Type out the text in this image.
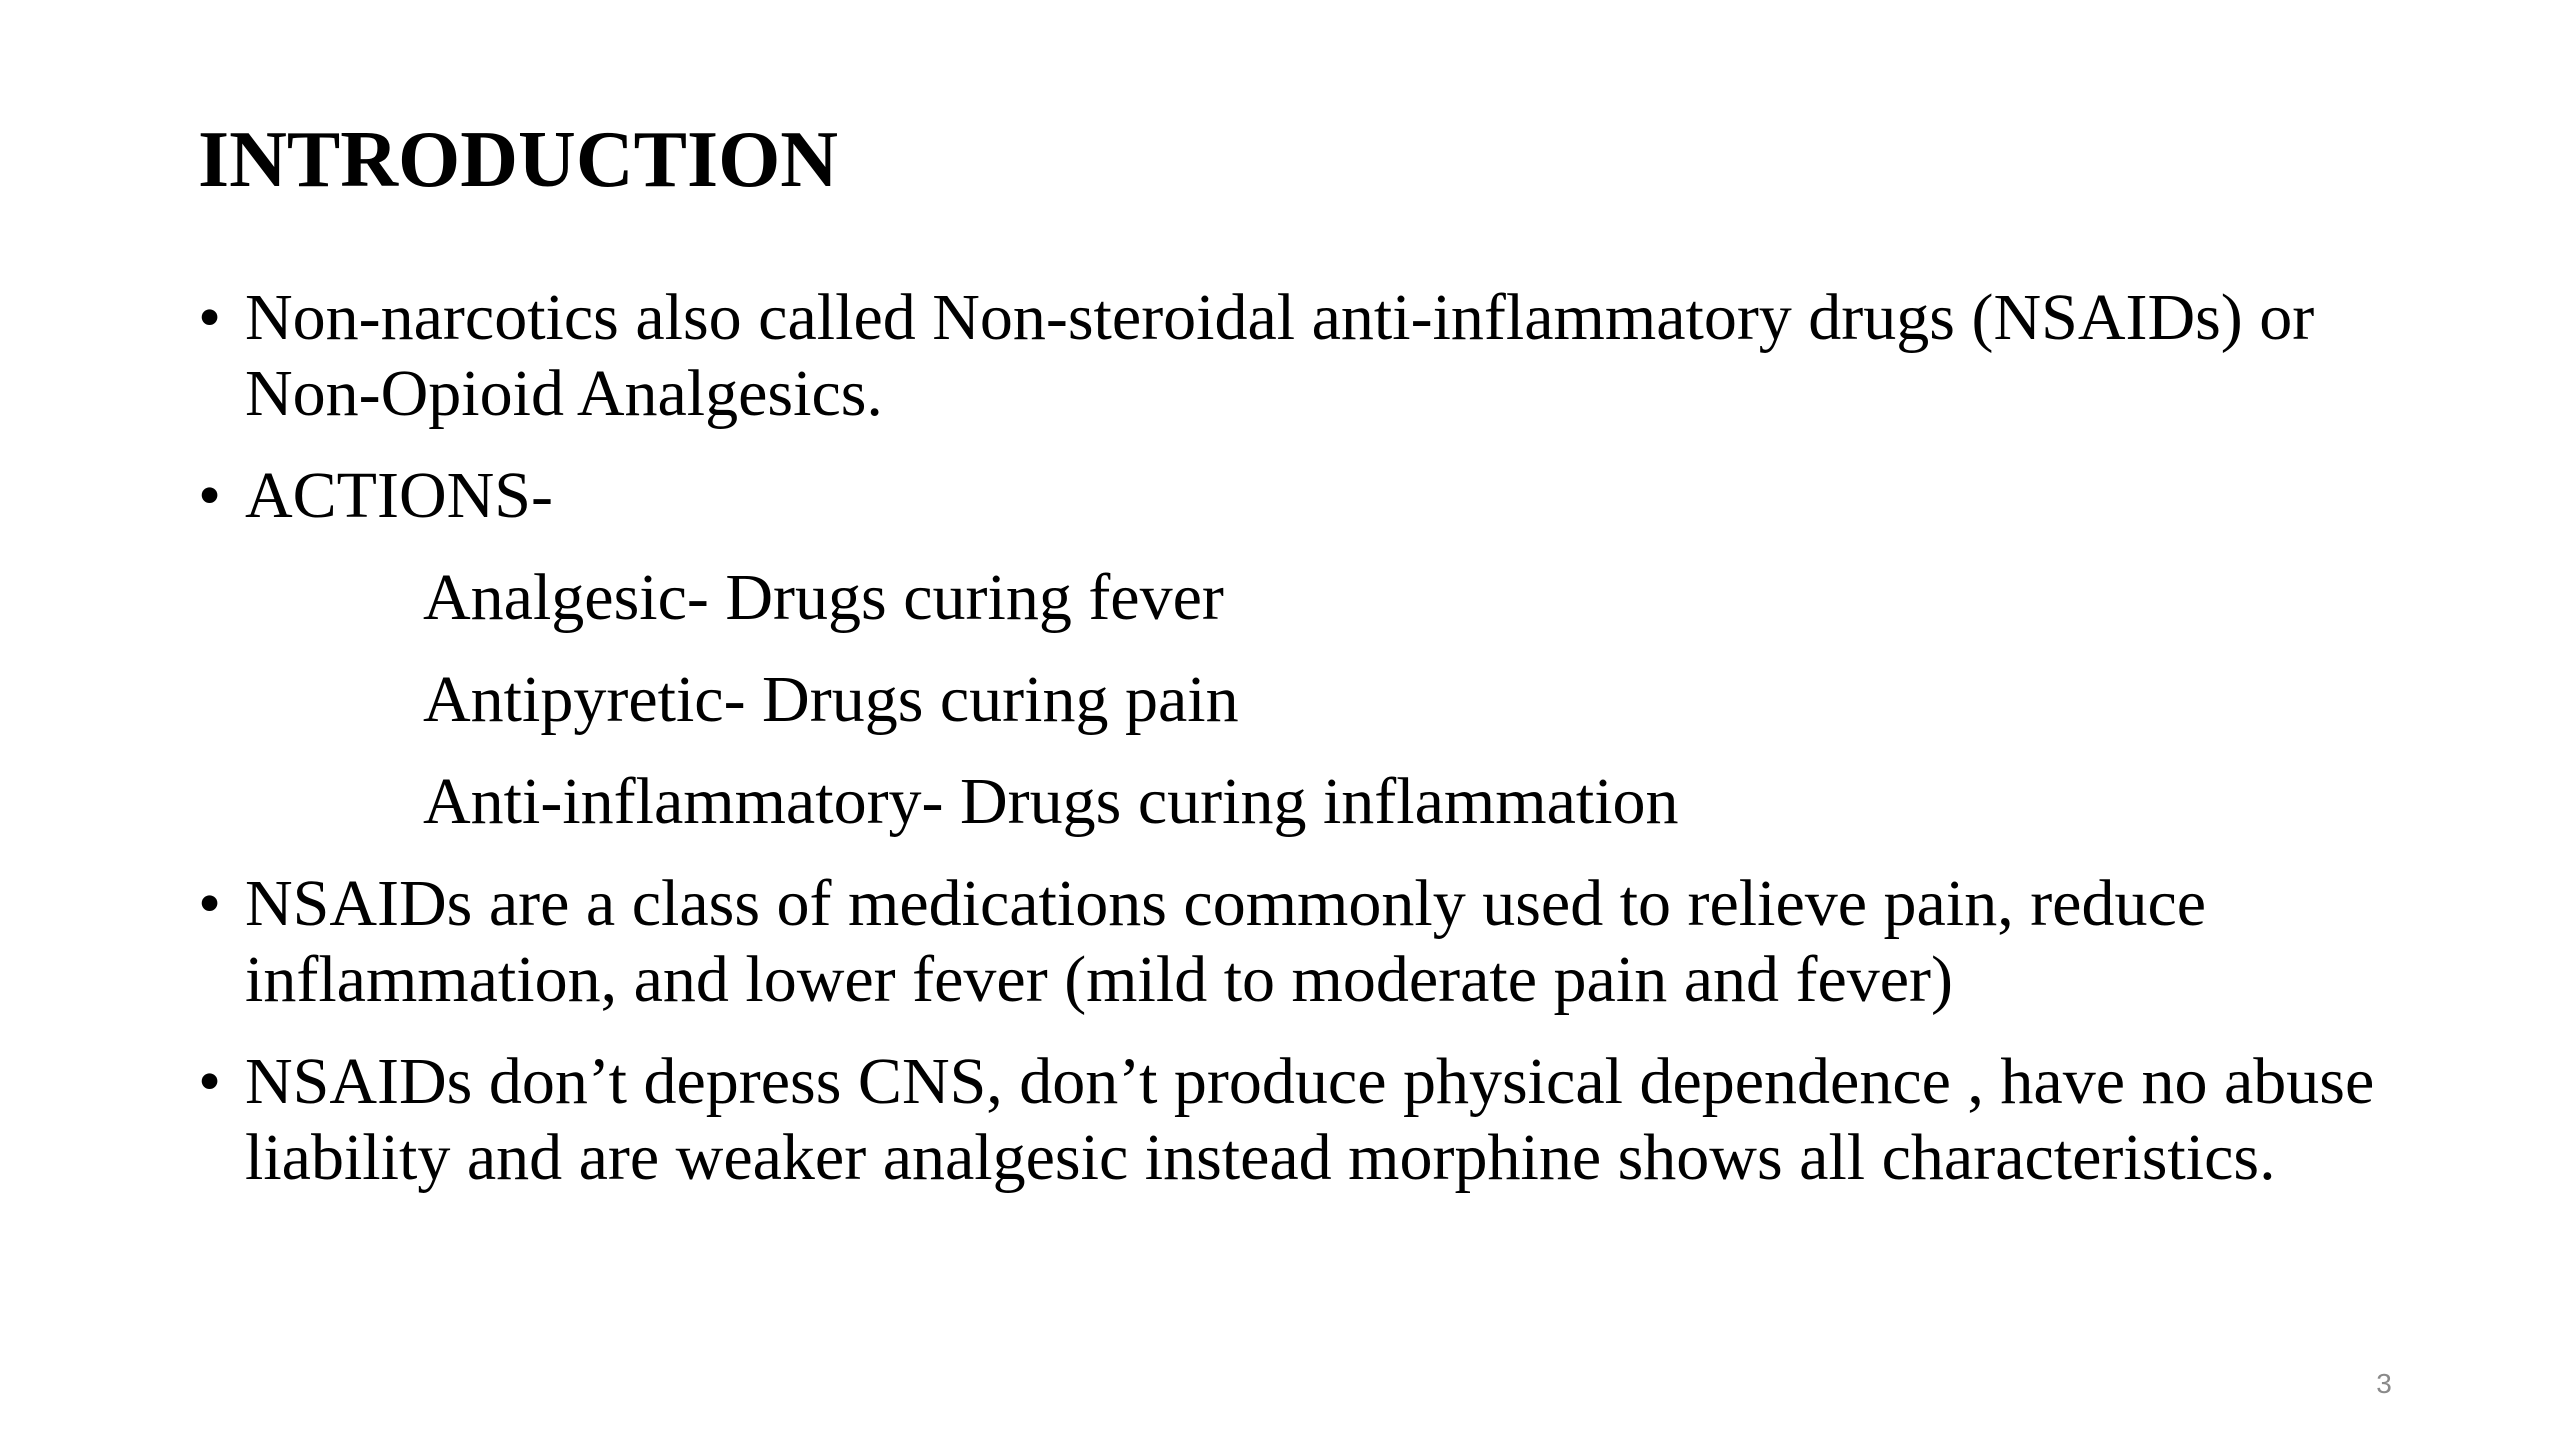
INTRODUCTION

• Non-narcotics also called Non-steroidal anti-inflammatory drugs (NSAIDs) or Non-Opioid Analgesics.

• ACTIONS-

Analgesic- Drugs curing fever
Antipyretic- Drugs curing pain
Anti-inflammatory- Drugs curing inflammation

• NSAIDs are a class of medications commonly used to relieve pain, reduce inflammation, and lower fever (mild to moderate pain and fever)

• NSAIDs don’t depress CNS, don’t produce physical dependence , have no abuse liability and are weaker analgesic instead morphine shows all characteristics.

3
